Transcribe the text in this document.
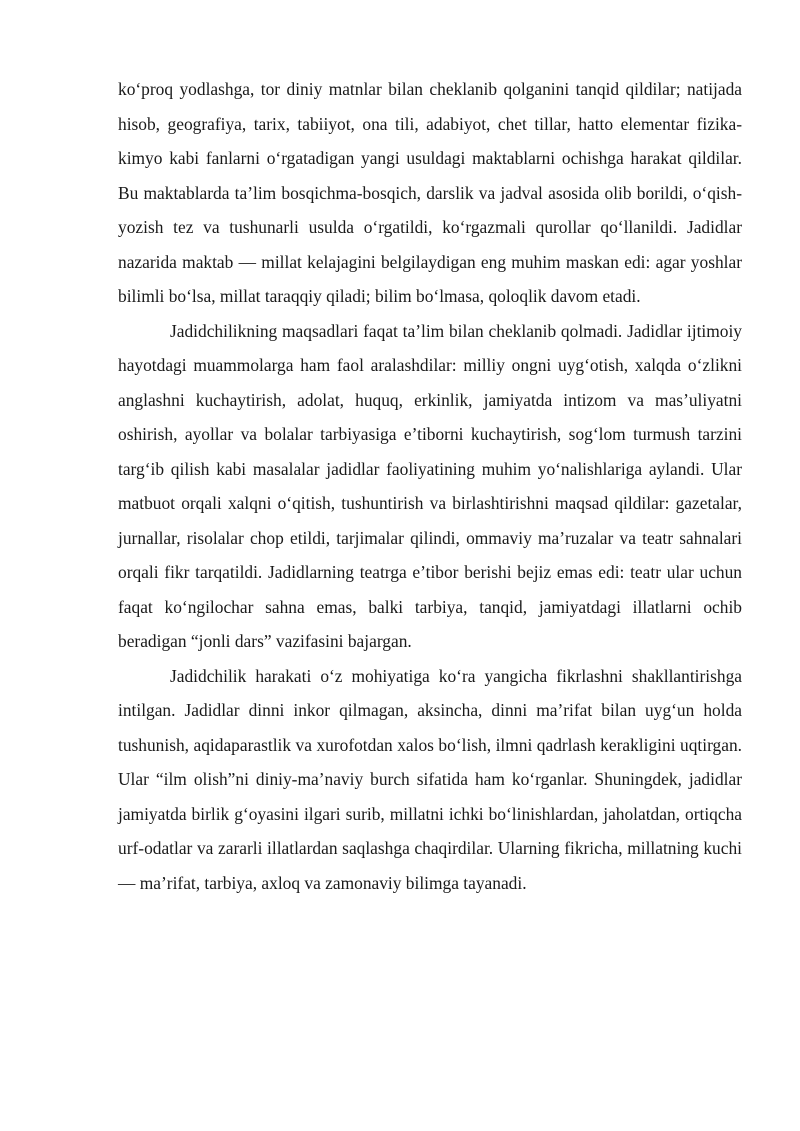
ko‘proq yodlashga, tor diniy matnlar bilan cheklanib qolganini tanqid qildilar; natijada hisob, geografiya, tarix, tabiiyot, ona tili, adabiyot, chet tillar, hatto elementar fizika-kimyo kabi fanlarni o‘rgatadigan yangi usuldagi maktablarni ochishga harakat qildilar. Bu maktablarda ta’lim bosqichma-bosqich, darslik va jadval asosida olib borildi, o‘qish-yozish tez va tushunarli usulda o‘rgatildi, ko‘rgazmali qurollar qo‘llanildi. Jadidlar nazarida maktab — millat kelajagini belgilaydigan eng muhim maskan edi: agar yoshlar bilimli bo‘lsa, millat taraqqiy qiladi; bilim bo‘lmasa, qoloqlik davom etadi.

Jadidchilikning maqsadlari faqat ta’lim bilan cheklanib qolmadi. Jadidlar ijtimoiy hayotdagi muammolarga ham faol aralashdilar: milliy ongni uyg‘otish, xalqda o‘zlikni anglashni kuchaytirish, adolat, huquq, erkinlik, jamiyatda intizom va mas’uliyatni oshirish, ayollar va bolalar tarbiyasiga e’tiborni kuchaytirish, sog‘lom turmush tarzini targ‘ib qilish kabi masalalar jadidlar faoliyatining muhim yo‘nalishlariga aylandi. Ular matbuot orqali xalqni o‘qitish, tushuntirish va birlashtirishni maqsad qildilar: gazetalar, jurnallar, risolalar chop etildi, tarjimalar qilindi, ommaviy ma’ruzalar va teatr sahnalari orqali fikr tarqatildi. Jadidlarning teatrga e’tibor berishi bejiz emas edi: teatr ular uchun faqat ko‘ngilochar sahna emas, balki tarbiya, tanqid, jamiyatdagi illatlarni ochib beradigan “jonli dars” vazifasini bajargan.

Jadidchilik harakati o‘z mohiyatiga ko‘ra yangicha fikrlashni shakllantirishga intilgan. Jadidlar dinni inkor qilmagan, aksincha, dinni ma’rifat bilan uyg‘un holda tushunish, aqidaparastlik va xurofotdan xalos bo‘lish, ilmni qadrlash kerakligini uqtirgan. Ular “ilm olish”ni diniy-ma’naviy burch sifatida ham ko‘rganlar. Shuningdek, jadidlar jamiyatda birlik g‘oyasini ilgari surib, millatni ichki bo‘linishlardan, jaholatdan, ortiqcha urf-odatlar va zararli illatlardan saqlashga chaqirdilar. Ularning fikricha, millatning kuchi — ma’rifat, tarbiya, axloq va zamonaviy bilimga tayanadi.
